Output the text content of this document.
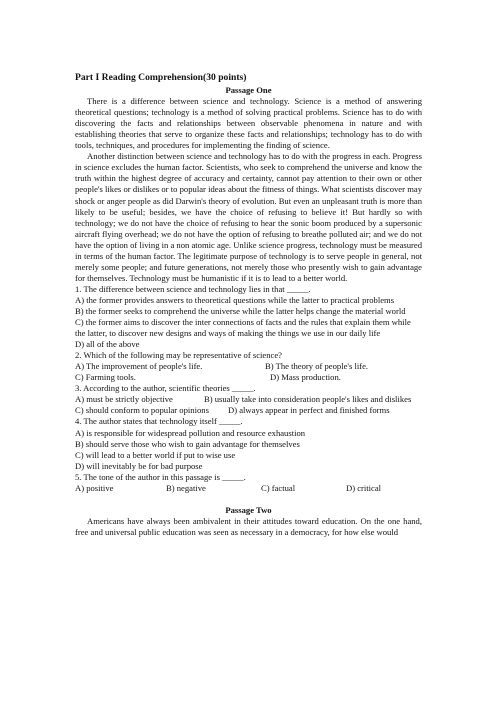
Part I Reading Comprehension(30 points)

Passage One

There is a difference between science and technology. Science is a method of answering theoretical questions; technology is a method of solving practical problems. Science has to do with discovering the facts and relationships between observable phenomena in nature and with establishing theories that serve to organize these facts and relationships; technology has to do with tools, techniques, and procedures for implementing the finding of science.

Another distinction between science and technology has to do with the progress in each. Progress in science excludes the human factor. Scientists, who seek to comprehend the universe and know the truth within the highest degree of accuracy and certainty, cannot pay attention to their own or other people's likes or dislikes or to popular ideas about the fitness of things. What scientists discover may shock or anger people as did Darwin's theory of evolution. But even an unpleasant truth is more than likely to be useful; besides, we have the choice of refusing to believe it! But hardly so with technology; we do not have the choice of refusing to hear the sonic boom produced by a supersonic aircraft flying overhead; we do not have the option of refusing to breathe polluted air; and we do not have the option of living in a non atomic age. Unlike science progress, technology must be measured in terms of the human factor. The legitimate purpose of technology is to serve people in general, not merely some people; and future generations, not merely those who presently wish to gain advantage for themselves. Technology must be humanistic if it is to lead to a better world.

1. The difference between science and technology lies in that _____.

A) the former provides answers to theoretical questions while the latter to practical problems

B) the former seeks to comprehend the universe while the latter helps change the material world

C) the former aims to discover the inter connections of facts and the rules that explain them while the latter, to discover new designs and ways of making the things we use in our daily life

D) all of the above

2. Which of the following may be representative of science?

A) The improvement of people's life.	B) The theory of people's life.
C) Farming tools.	D) Mass production.

3. According to the author, scientific theories _____.

A) must be strictly objective	B) usually take into consideration people's likes and dislikes
C) should conform to popular opinions	D) always appear in perfect and finished forms

4. The author states that technology itself _____.

A) is responsible for widespread pollution and resource exhaustion

B) should serve those who wish to gain advantage for themselves

C) will lead to a better world if put to wise use

D) will inevitably be for bad purpose

5. The tone of the author in this passage is _____.

A) positive	B) negative	C) factual	D) critical

Passage Two

Americans have always been ambivalent in their attitudes toward education. On the one hand, free and universal public education was seen as necessary in a democracy, for how else would
